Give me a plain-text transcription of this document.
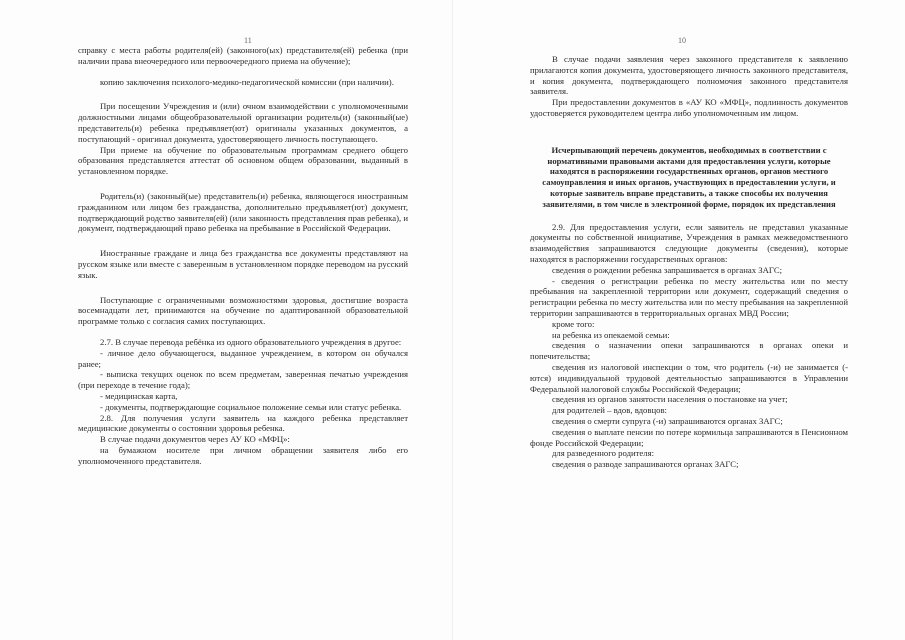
11	10

справку с места работы родителя(ей) (законного(ых) представителя(ей) ребенка (при наличии права внеочередного или первоочередного приема на обучение);

копию заключения психолого-медико-педагогической комиссии (при наличии).

При посещении Учреждения и (или) очном взаимодействии с уполномоченными должностными лицами общеобразовательной организации родитель(и) (законный(ые) представитель(и) ребенка предъявляет(ют) оригиналы указанных документов, а поступающий - оригинал документа, удостоверяющего личность поступающего.

При приеме на обучение по образовательным программам среднего общего образования представляется аттестат об основном общем образовании, выданный в установленном порядке.

Родитель(и) (законный(ые) представитель(и) ребенка, являющегося иностранным гражданином или лицом без гражданства, дополнительно предъявляет(ют) документ, подтверждающий родство заявителя(ей) (или законность представления прав ребенка), и документ, подтверждающий право ребенка на пребывание в Российской Федерации.

Иностранные граждане и лица без гражданства все документы представляют на русском языке или вместе с заверенным в установленном порядке переводом на русский язык.

Поступающие с ограниченными возможностями здоровья, достигшие возраста восемнадцати лет, принимаются на обучение по адаптированной образовательной программе только с согласия самих поступающих.

2.7. В случае перевода ребёнка из одного образовательного учреждения в другое:

- личное дело обучающегося, выданное учреждением, в котором он обучался ранее;

- выписка текущих оценок по всем предметам, заверенная печатью учреждения (при переходе в течение года);

- медицинская карта,

- документы, подтверждающие социальное положение семьи или статус ребенка.

2.8. Для получения услуги заявитель на каждого ребенка представляет медицинские документы о состоянии здоровья ребенка.

В случае подачи документов через АУ КО «МФЦ»:

на бумажном носителе при личном обращении заявителя либо его уполномоченного представителя.

В случае подачи заявления через законного представителя к заявлению прилагаются копия документа, удостоверяющего личность законного представителя, и копия документа, подтверждающего полномочия законного представителя заявителя.

При предоставлении документов в «АУ КО «МФЦ», подлинность документов удостоверяется руководителем центра либо уполномоченным им лицом.

Исчерпывающий перечень документов, необходимых в соответствии с нормативными правовыми актами для предоставления услуги, которые находятся в распоряжении государственных органов, органов местного самоуправления и иных органов, участвующих в предоставлении услуги, и которые заявитель вправе представить, а также способы их получения заявителями, в том числе в электронной форме, порядок их представления

2.9. Для предоставления услуги, если заявитель не представил указанные документы по собственной инициативе, Учреждения в рамках межведомственного взаимодействия запрашиваются следующие документы (сведения), которые находятся в распоряжении государственных органов:

сведения о рождении ребенка запрашивается в органах ЗАГС;

- сведения о регистрации ребенка по месту жительства или по месту пребывания на закрепленной территории или документ, содержащий сведения о регистрации ребенка по месту жительства или по месту пребывания на закрепленной территории запрашиваются в территориальных органах МВД России;

кроме того:

на ребенка из опекаемой семьи:

сведения о назначении опеки запрашиваются в органах опеки и попечительства;

сведения из налоговой инспекции о том, что родитель (-и) не занимается (-ются) индивидуальной трудовой деятельностью запрашиваются в Управлении Федеральной налоговой службы Российской Федерации;

сведения из органов занятости населения о постановке на учет;

для родителей – вдов, вдовцов:

сведения о смерти супруга (-и) запрашиваются органах ЗАГС;

сведения о выплате пенсии по потере кормильца запрашиваются в Пенсионном фонде Российской Федерации;

для разведенного родителя:

сведения о разводе запрашиваются органах ЗАГС;
